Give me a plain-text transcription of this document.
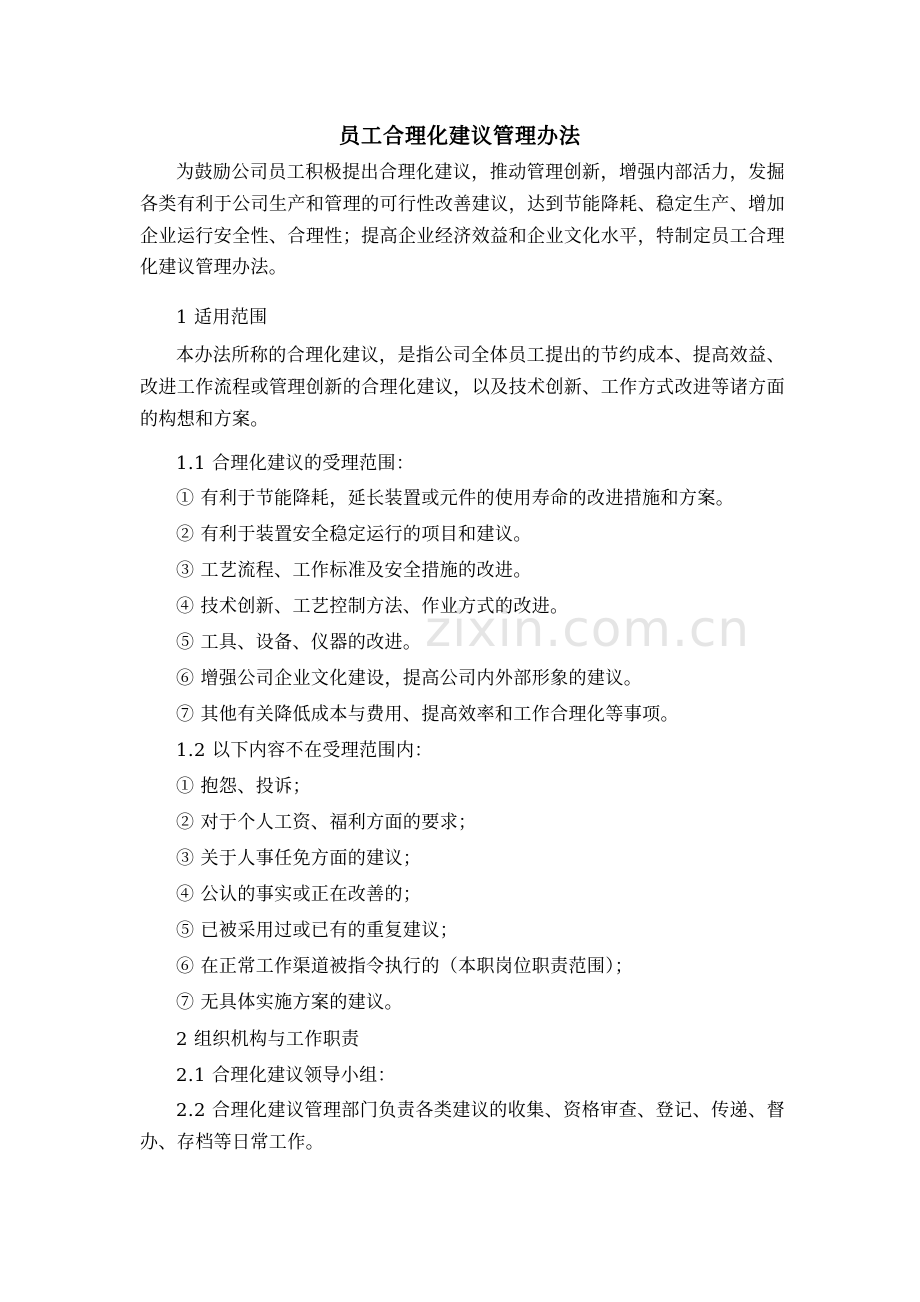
员工合理化建议管理办法
为鼓励公司员工积极提出合理化建议，推动管理创新，增强内部活力，发掘各类有利于公司生产和管理的可行性改善建议，达到节能降耗、稳定生产、增加企业运行安全性、合理性；提高企业经济效益和企业文化水平，特制定员工合理化建议管理办法。
1 适用范围
本办法所称的合理化建议，是指公司全体员工提出的节约成本、提高效益、改进工作流程或管理创新的合理化建议，以及技术创新、工作方式改进等诸方面的构想和方案。
1.1 合理化建议的受理范围：
① 有利于节能降耗，延长装置或元件的使用寿命的改进措施和方案。
② 有利于装置安全稳定运行的项目和建议。
③ 工艺流程、工作标准及安全措施的改进。
④ 技术创新、工艺控制方法、作业方式的改进。
⑤ 工具、设备、仪器的改进。
⑥ 增强公司企业文化建设，提高公司内外部形象的建议。
⑦ 其他有关降低成本与费用、提高效率和工作合理化等事项。
1.2 以下内容不在受理范围内：
① 抱怨、投诉；
② 对于个人工资、福利方面的要求；
③ 关于人事任免方面的建议；
④ 公认的事实或正在改善的；
⑤ 已被采用过或已有的重复建议；
⑥ 在正常工作渠道被指令执行的（本职岗位职责范围）；
⑦ 无具体实施方案的建议。
2 组织机构与工作职责
2.1 合理化建议领导小组：
2.2 合理化建议管理部门负责各类建议的收集、资格审查、登记、传递、督办、存档等日常工作。
zixin.com.cn
